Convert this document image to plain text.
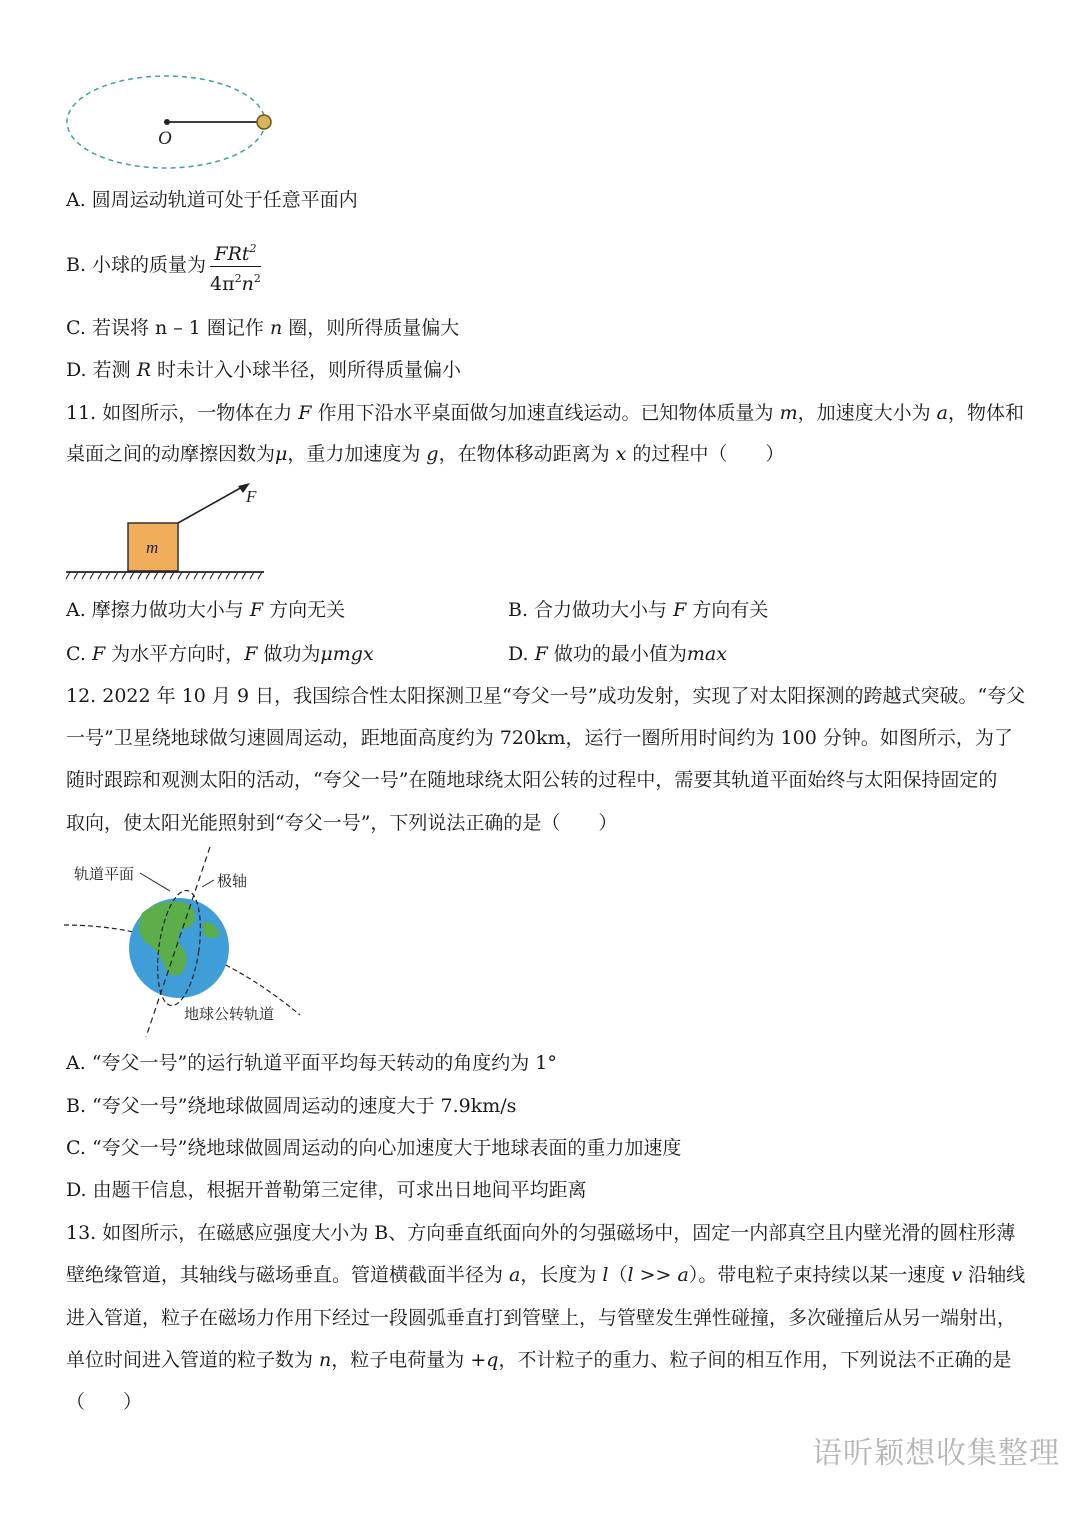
O
A. 圆周运动轨道可处于任意平面内
B. 小球的质量为 $\frac{FRt^2}{4\pi^2n^2}$
C. 若误将 n – 1 圈记作 n 圈，则所得质量偏大
D. 若测 R 时未计入小球半径，则所得质量偏小
11. 如图所示，一物体在力 F 作用下沿水平桌面做匀加速直线运动。已知物体质量为 m，加速度大小为 a，物体和
桌面之间的动摩擦因数为μ，重力加速度为 g，在物体移动距离为 x 的过程中（　　）
m
F
A. 摩擦力做功大小与 F 方向无关	B. 合力做功大小与 F 方向有关
C. F 为水平方向时，F 做功为μmgx	D. F 做功的最小值为max
12. 2022 年 10 月 9 日，我国综合性太阳探测卫星“夸父一号”成功发射，实现了对太阳探测的跨越式突破。“夸父
一号”卫星绕地球做匀速圆周运动，距地面高度约为 720km，运行一圈所用时间约为 100 分钟。如图所示，为了
随时跟踪和观测太阳的活动，“夸父一号”在随地球绕太阳公转的过程中，需要其轨道平面始终与太阳保持固定的
取向，使太阳光能照射到“夸父一号”，下列说法正确的是（　　）
轨道平面	极轴
地球公转轨道
A. “夸父一号”的运行轨道平面平均每天转动的角度约为 1°
B. “夸父一号”绕地球做圆周运动的速度大于 7.9km/s
C. “夸父一号”绕地球做圆周运动的向心加速度大于地球表面的重力加速度
D. 由题干信息，根据开普勒第三定律，可求出日地间平均距离
13. 如图所示，在磁感应强度大小为 B、方向垂直纸面向外的匀强磁场中，固定一内部真空且内壁光滑的圆柱形薄
壁绝缘管道，其轴线与磁场垂直。管道横截面半径为 a，长度为 l（l >> a）。带电粒子束持续以某一速度 v 沿轴线
进入管道，粒子在磁场力作用下经过一段圆弧垂直打到管壁上，与管壁发生弹性碰撞，多次碰撞后从另一端射出，
单位时间进入管道的粒子数为 n，粒子电荷量为 +q，不计粒子的重力、粒子间的相互作用，下列说法不正确的是
（　　）
语听颖想收集整理
